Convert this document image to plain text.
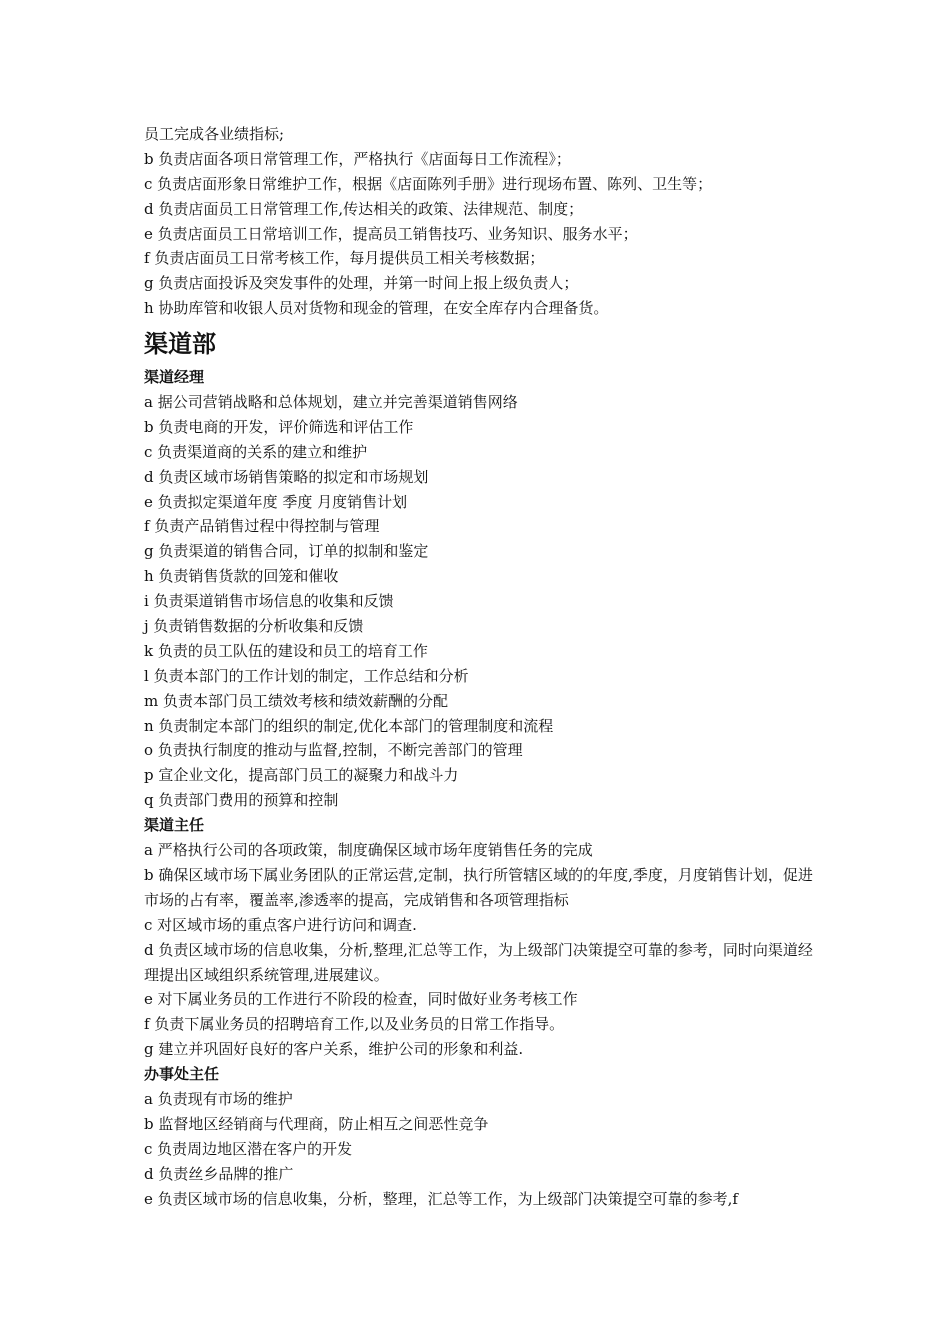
员工完成各业绩指标;
b 负责店面各项日常管理工作，严格执行《店面每日工作流程》；
c 负责店面形象日常维护工作，根据《店面陈列手册》进行现场布置、陈列、卫生等；
d 负责店面员工日常管理工作,传达相关的政策、法律规范、制度；
e 负责店面员工日常培训工作，提高员工销售技巧、业务知识、服务水平；
f 负责店面员工日常考核工作，每月提供员工相关考核数据；
g 负责店面投诉及突发事件的处理，并第一时间上报上级负责人；
h 协助库管和收银人员对货物和现金的管理，在安全库存内合理备货。
渠道部
渠道经理
a 据公司营销战略和总体规划，建立并完善渠道销售网络
b 负责电商的开发，评价筛选和评估工作
c 负责渠道商的关系的建立和维护
d 负责区域市场销售策略的拟定和市场规划
e 负责拟定渠道年度 季度 月度销售计划
f 负责产品销售过程中得控制与管理
g 负责渠道的销售合同，订单的拟制和鉴定
h 负责销售货款的回笼和催收
i 负责渠道销售市场信息的收集和反馈
j 负责销售数据的分析收集和反馈
k 负责的员工队伍的建设和员工的培育工作
l 负责本部门的工作计划的制定，工作总结和分析
m 负责本部门员工绩效考核和绩效薪酬的分配
n 负责制定本部门的组织的制定,优化本部门的管理制度和流程
o 负责执行制度的推动与监督,控制，不断完善部门的管理
p 宣企业文化，提高部门员工的凝聚力和战斗力
q 负责部门费用的预算和控制
渠道主任
a 严格执行公司的各项政策，制度确保区域市场年度销售任务的完成
b 确保区域市场下属业务团队的正常运营,定制，执行所管辖区域的的年度,季度，月度销售计划，促进市场的占有率，覆盖率,渗透率的提高，完成销售和各项管理指标
c 对区域市场的重点客户进行访问和调查.
d 负责区域市场的信息收集，分析,整理,汇总等工作，为上级部门决策提空可靠的参考，同时向渠道经理提出区域组织系统管理,进展建议。
e 对下属业务员的工作进行不阶段的检查，同时做好业务考核工作
f 负责下属业务员的招聘培育工作,以及业务员的日常工作指导。
g 建立并巩固好良好的客户关系，维护公司的形象和利益.
办事处主任
a 负责现有市场的维护
b 监督地区经销商与代理商，防止相互之间恶性竞争
c 负责周边地区潜在客户的开发
d 负责丝乡品牌的推广
e 负责区域市场的信息收集，分析，整理，汇总等工作，为上级部门决策提空可靠的参考,f
